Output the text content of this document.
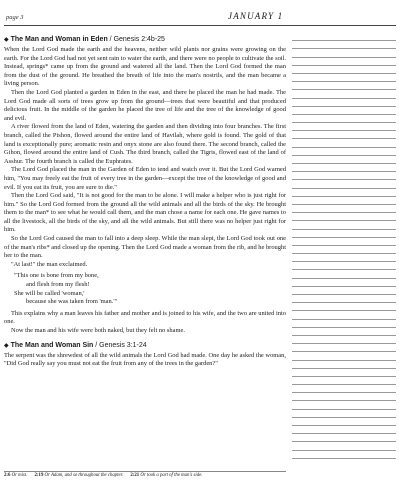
page 3	JANUARY 1
◆ The Man and Woman in Eden / Genesis 2:4b-25

When the Lord God made the earth and the heavens, neither wild plants nor grains were growing on the earth. For the Lord God had not yet sent rain to water the earth, and there were no people to cultivate the soil. Instead, springs* came up from the ground and watered all the land. Then the Lord God formed the man from the dust of the ground. He breathed the breath of life into the man's nostrils, and the man became a living person.

Then the Lord God planted a garden in Eden in the east, and there he placed the man he had made. The Lord God made all sorts of trees grow up from the ground—trees that were beautiful and that produced delicious fruit. In the middle of the garden he placed the tree of life and the tree of the knowledge of good and evil.

A river flowed from the land of Eden, watering the garden and then dividing into four branches. The first branch, called the Pishon, flowed around the entire land of Havilah, where gold is found. The gold of that land is exceptionally pure; aromatic resin and onyx stone are also found there. The second branch, called the Gihon, flowed around the entire land of Cush. The third branch, called the Tigris, flowed east of the land of Asshur. The fourth branch is called the Euphrates.

The Lord God placed the man in the Garden of Eden to tend and watch over it. But the Lord God warned him, "You may freely eat the fruit of every tree in the garden—except the tree of the knowledge of good and evil. If you eat its fruit, you are sure to die."

Then the Lord God said, "It is not good for the man to be alone. I will make a helper who is just right for him." So the Lord God formed from the ground all the wild animals and all the birds of the sky. He brought them to the man* to see what he would call them, and the man chose a name for each one. He gave names to all the livestock, all the birds of the sky, and all the wild animals. But still there was no helper just right for him.

So the Lord God caused the man to fall into a deep sleep. While the man slept, the Lord God took out one of the man's ribs* and closed up the opening. Then the Lord God made a woman from the rib, and he brought her to the man.

"At last!" the man exclaimed.

"This one is bone from my bone,
and flesh from my flesh!
She will be called 'woman,'
because she was taken from 'man.'"

This explains why a man leaves his father and mother and is joined to his wife, and the two are united into one.

Now the man and his wife were both naked, but they felt no shame.

◆ The Man and Woman Sin / Genesis 3:1-24

The serpent was the shrewdest of all the wild animals the Lord God had made. One day he asked the woman, "Did God really say you must not eat the fruit from any of the trees in the garden?"

2:6 Or mist. 2:19 Or Adam, and so throughout the chapter. 2:21 Or took a part of the man's side.
